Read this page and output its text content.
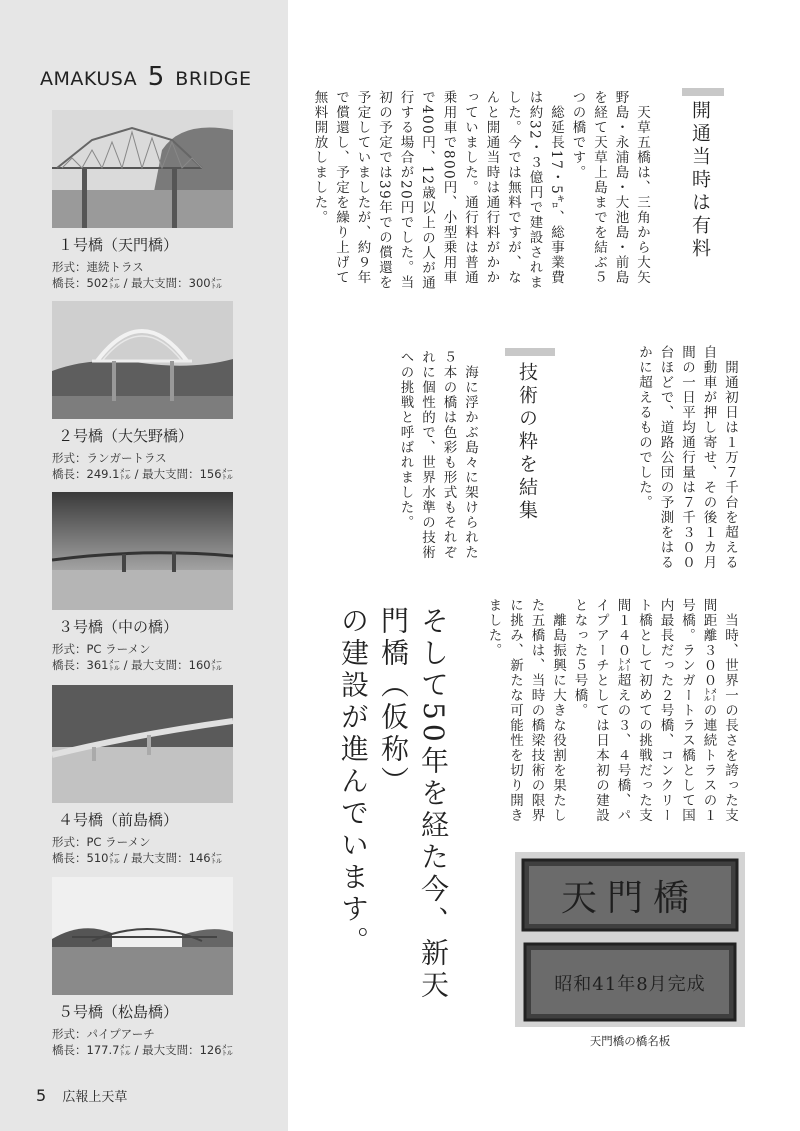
AMAKUSA 5 BRIDGE
１号橋（天門橋）
形式：連続トラス
橋長：502㍍ / 最大支間：300㍍
２号橋（大矢野橋）
形式：ランガートラス
橋長：249.1㍍ / 最大支間：156㍍
３号橋（中の橋）
形式：PC ラーメン
橋長：361㍍ / 最大支間：160㍍
４号橋（前島橋）
形式：PC ラーメン
橋長：510㍍ / 最大支間：146㍍
５号橋（松島橋）
形式：パイプアーチ
橋長：177.7㍍ / 最大支間：126㍍
5 広報上天草
開通当時は有料

　天草五橋は、三角から大矢野島・永浦島・大池島・前島を経て天草上島までを結ぶ５つの橋です。

　総延長17・5㌔、総事業費は約32・３億円で建設されました。今では無料ですが、なんと開通当時は通行料がかかっていました。通行料は普通乗用車で800円、小型乗用車で400円、12歳以上の人が通行する場合が20円でした。当初の予定では39年での償還を予定していましたが、約９年で償還し、予定を繰り上げて無料開放しました。

　開通初日は１万７千台を超える自動車が押し寄せ、その後１カ月間の一日平均通行量は７千３００台ほどで、道路公団の予測をはるかに超えるものでした。

技術の粋を結集

　海に浮かぶ島々に架けられた５本の橋は色彩も形式もそれぞれに個性的で、世界水準の技術への挑戦と呼ばれました。

　当時、世界一の長さを誇った支間距離３００㍍の連続トラスの１号橋。ランガートラス橋として国内最長だった２号橋、コンクリート橋として初めての挑戦だった支間１４０㍍超えの３、４号橋、パイプアーチとしては日本初の建設となった５号橋。

　離島振興に大きな役割を果たした五橋は、当時の橋梁技術の限界に挑み、新たな可能性を切り開きました。

そして50年を経た今、新天門橋（仮称）
の建設が進んでいます。	天門橋
昭和41年8月完成
天門橋の橋名板
